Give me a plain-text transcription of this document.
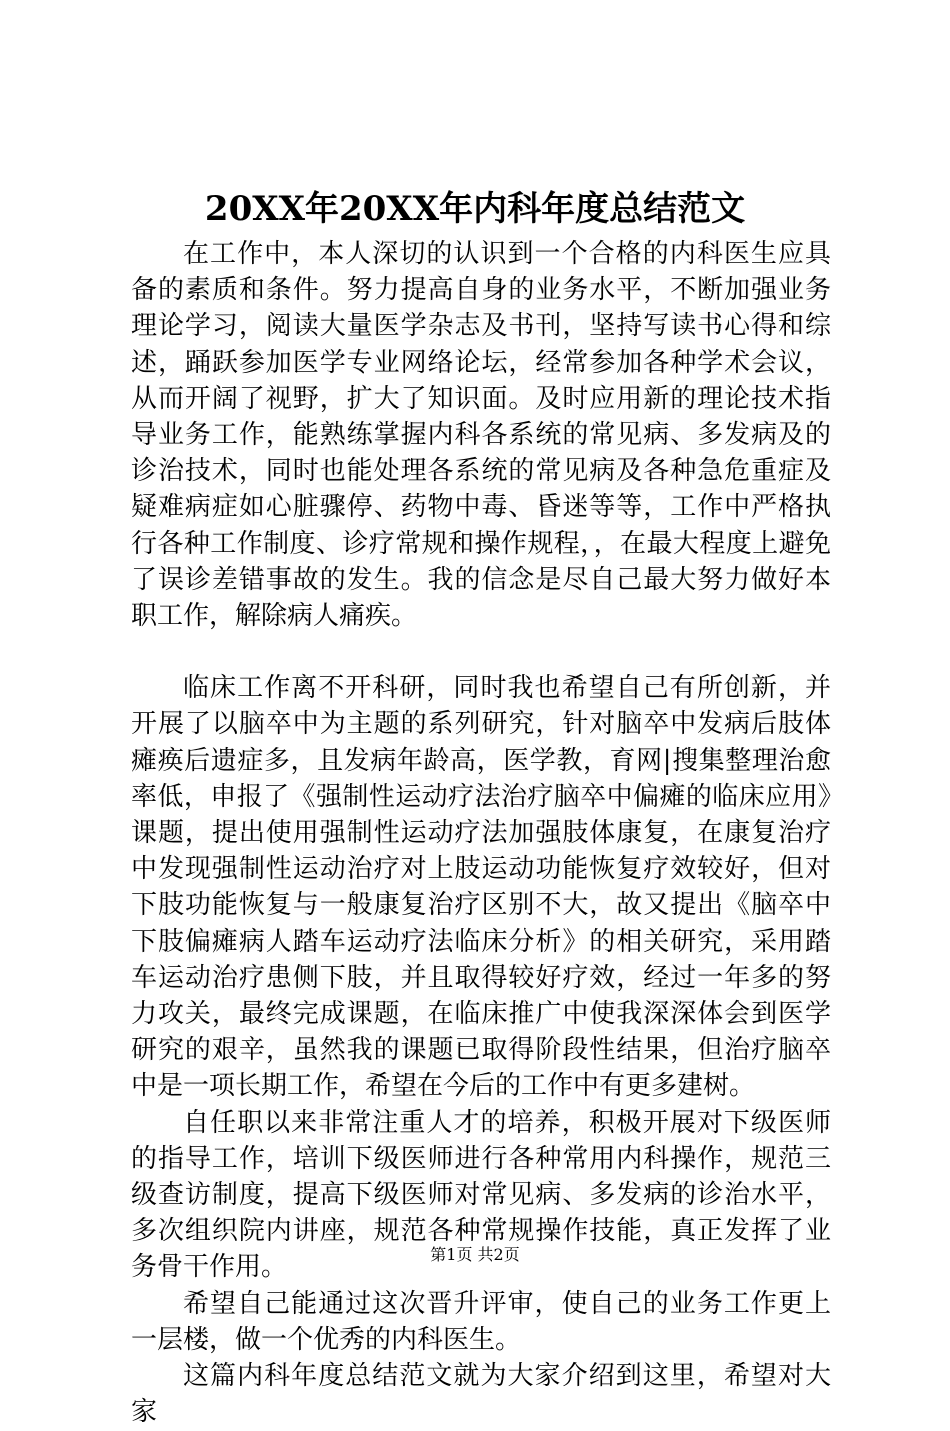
20XX年20XX年内科年度总结范文

在工作中，本人深切的认识到一个合格的内科医生应具备的素质和条件。努力提高自身的业务水平，不断加强业务理论学习，阅读大量医学杂志及书刊，坚持写读书心得和综述，踊跃参加医学专业网络论坛，经常参加各种学术会议，从而开阔了视野，扩大了知识面。及时应用新的理论技术指导业务工作，能熟练掌握内科各系统的常见病、多发病及的诊治技术，同时也能处理各系统的常见病及各种急危重症及疑难病症如心脏骤停、药物中毒、昏迷等等，工作中严格执行各种工作制度、诊疗常规和操作规程，，在最大程度上避免了误诊差错事故的发生。我的信念是尽自己最大努力做好本职工作，解除病人痛疾。

临床工作离不开科研，同时我也希望自己有所创新，并开展了以脑卒中为主题的系列研究，针对脑卒中发病后肢体瘫痪后遗症多，且发病年龄高，医学教，育网|搜集整理治愈率低，申报了《强制性运动疗法治疗脑卒中偏瘫的临床应用》课题，提出使用强制性运动疗法加强肢体康复，在康复治疗中发现强制性运动治疗对上肢运动功能恢复疗效较好，但对下肢功能恢复与一般康复治疗区别不大，故又提出《脑卒中下肢偏瘫病人踏车运动疗法临床分析》的相关研究，采用踏车运动治疗患侧下肢，并且取得较好疗效，经过一年多的努力攻关，最终完成课题，在临床推广中使我深深体会到医学研究的艰辛，虽然我的课题已取得阶段性结果，但治疗脑卒中是一项长期工作，希望在今后的工作中有更多建树。

自任职以来非常注重人才的培养，积极开展对下级医师的指导工作，培训下级医师进行各种常用内科操作，规范三级查访制度，提高下级医师对常见病、多发病的诊治水平，多次组织院内讲座，规范各种常规操作技能，真正发挥了业务骨干作用。

希望自己能通过这次晋升评审，使自己的业务工作更上一层楼，做一个优秀的内科医生。

这篇内科年度总结范文就为大家介绍到这里，希望对大家

第1页 共2页
